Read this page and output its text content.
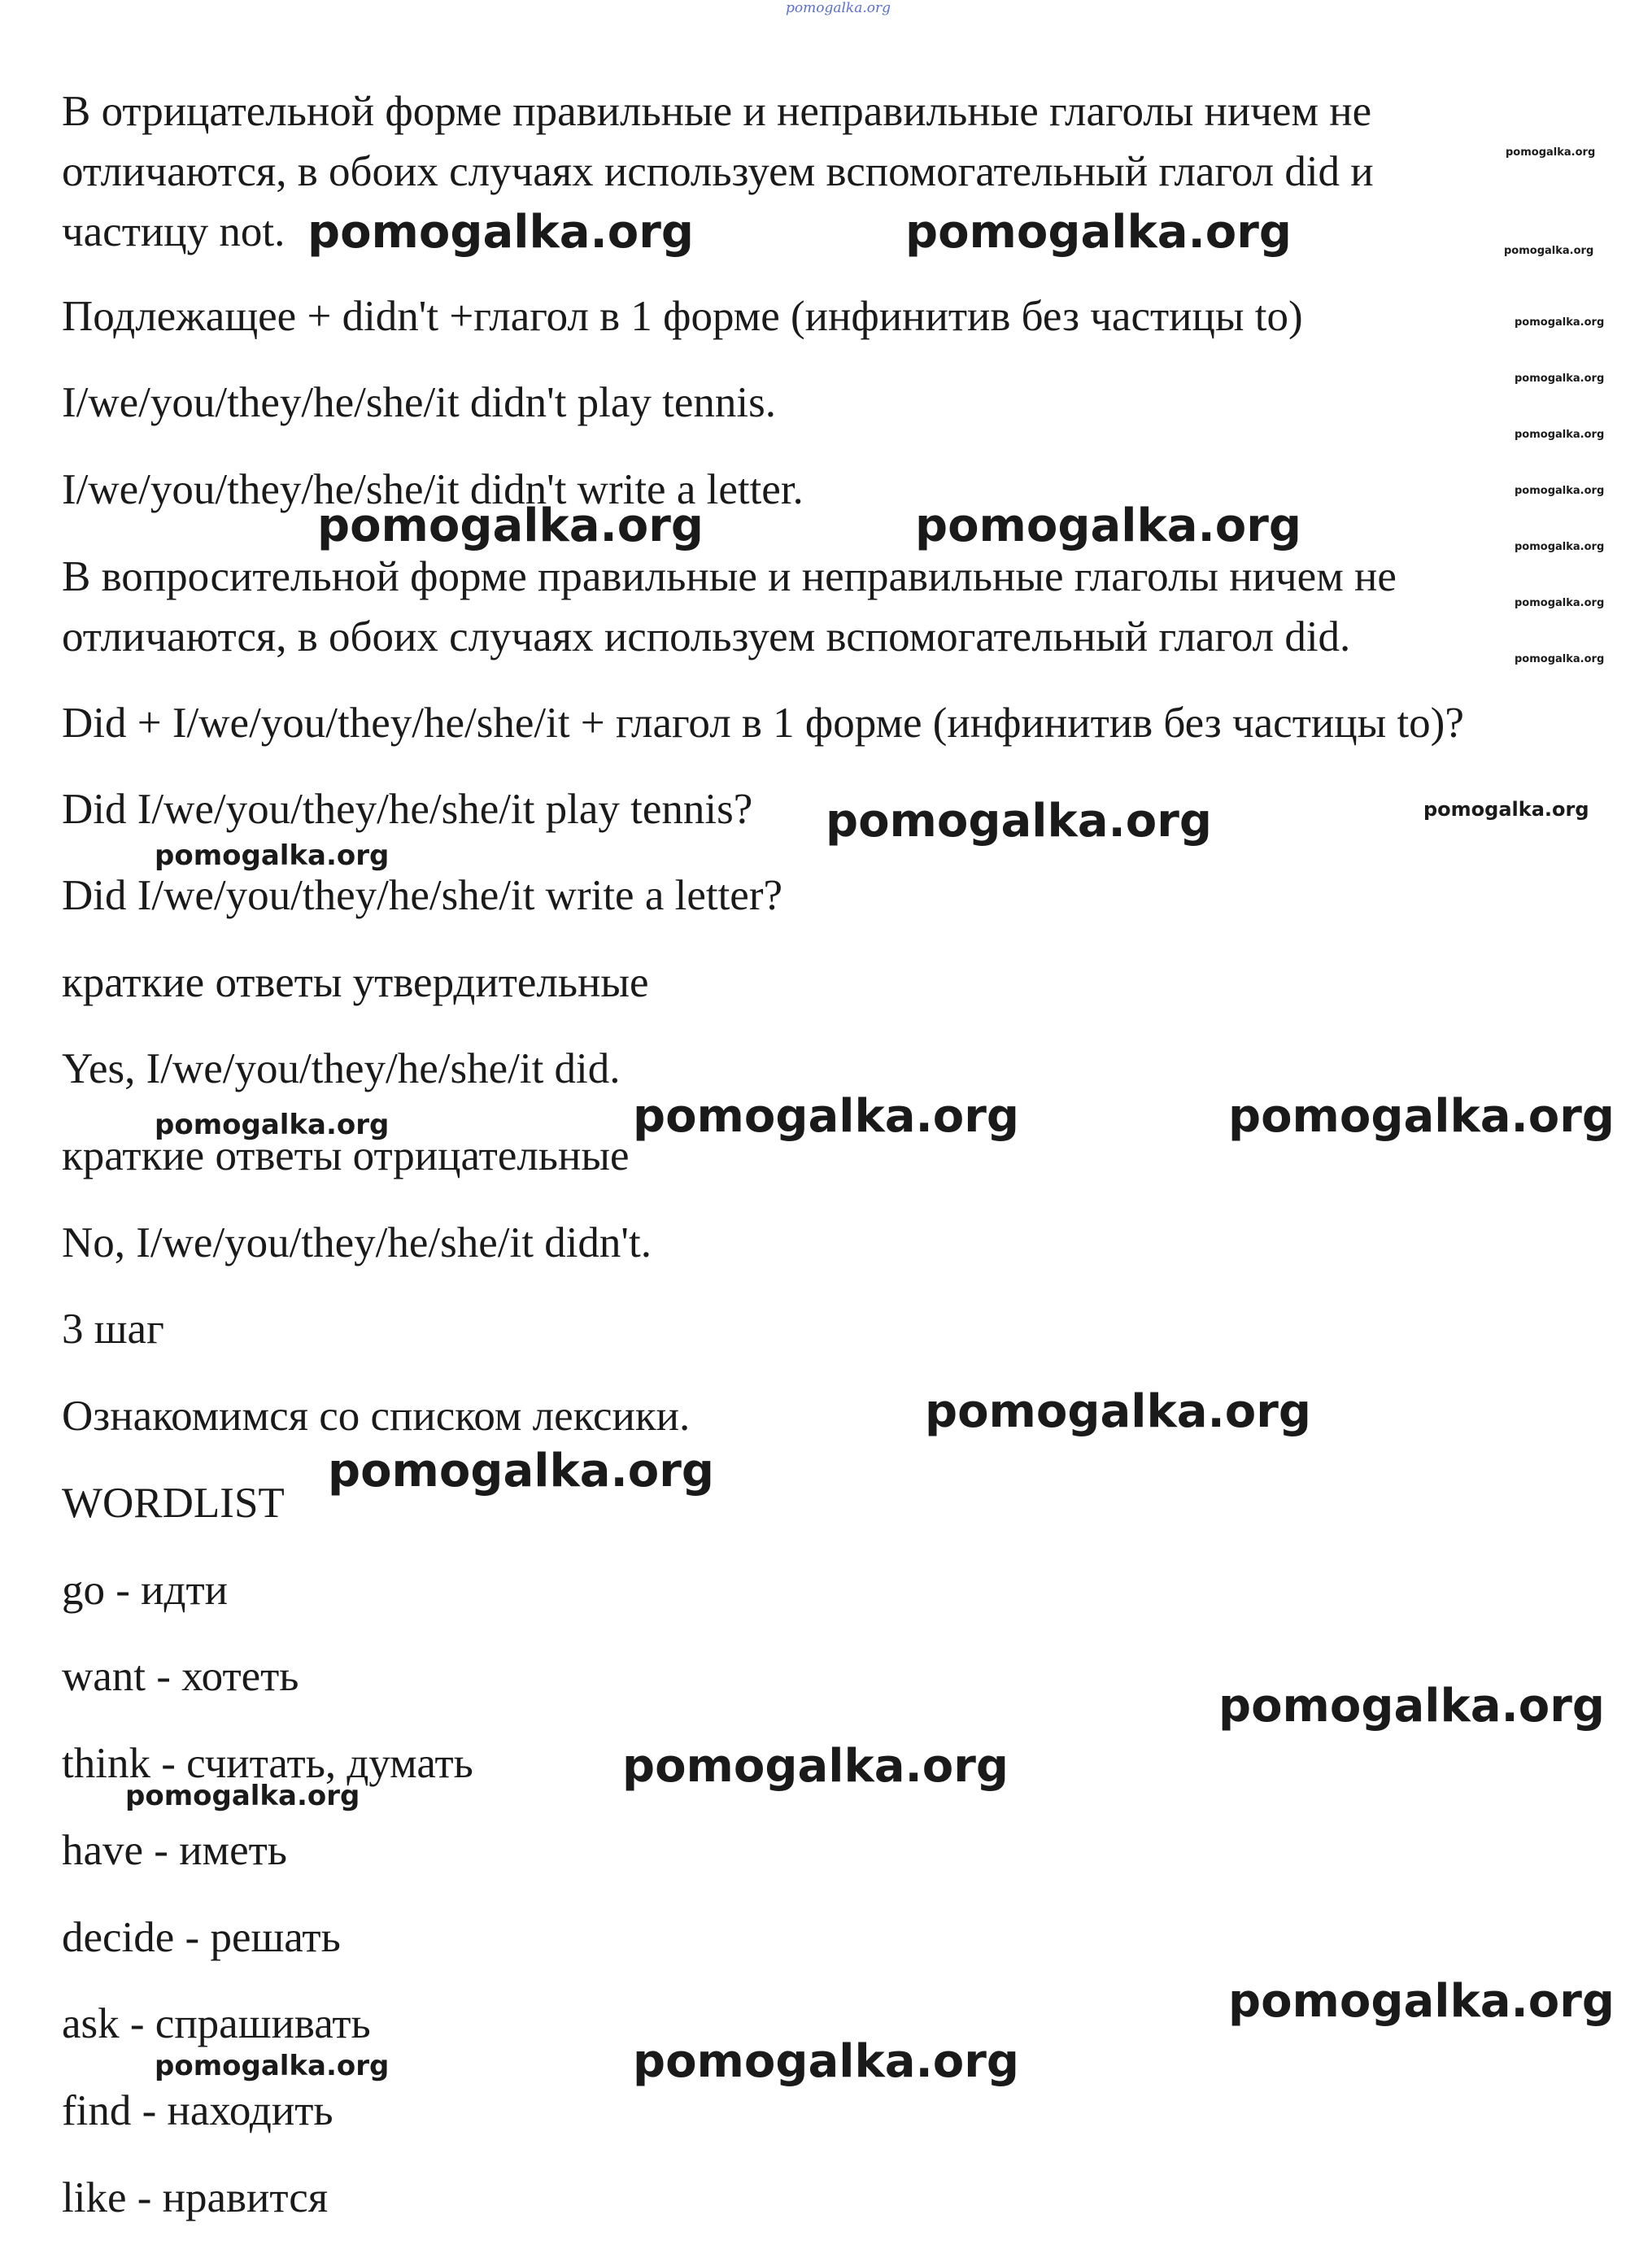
pomogalka.org
В отрицательной форме правильные и неправильные глаголы ничем не
отличаются, в обоих случаях используем вспомогательный глагол did и
частицу not.
Подлежащее + didn't +глагол в 1 форме (инфинитив без частицы to)
I/we/you/they/he/she/it didn't play tennis.
I/we/you/they/he/she/it didn't write a letter.
В вопросительной форме правильные и неправильные глаголы ничем не
отличаются, в обоих случаях используем вспомогательный глагол did.
Did + I/we/you/they/he/she/it + глагол в 1 форме (инфинитив без частицы to)?
Did I/we/you/they/he/she/it play tennis?
Did I/we/you/they/he/she/it write a letter?
краткие ответы утвердительные
Yes, I/we/you/they/he/she/it did.
краткие ответы отрицательные
No, I/we/you/they/he/she/it didn't.
3 шаг
Ознакомимся со списком лексики.
WORDLIST
go - идти
want - хотеть
think - считать, думать
have - иметь
decide - решать
ask - спрашивать
find - находить
like - нравится
pomogalka.org	pomogalka.org
pomogalka.org	pomogalka.org
pomogalka.org
pomogalka.org	pomogalka.org
pomogalka.org
pomogalka.org
pomogalka.org
pomogalka.org
pomogalka.org
pomogalka.org
pomogalka.org
pomogalka.org
pomogalka.org
pomogalka.org
pomogalka.org
pomogalka.org
pomogalka.org
pomogalka.org
pomogalka.org
pomogalka.org
pomogalka.org
pomogalka.org
pomogalka.org
pomogalka.org
